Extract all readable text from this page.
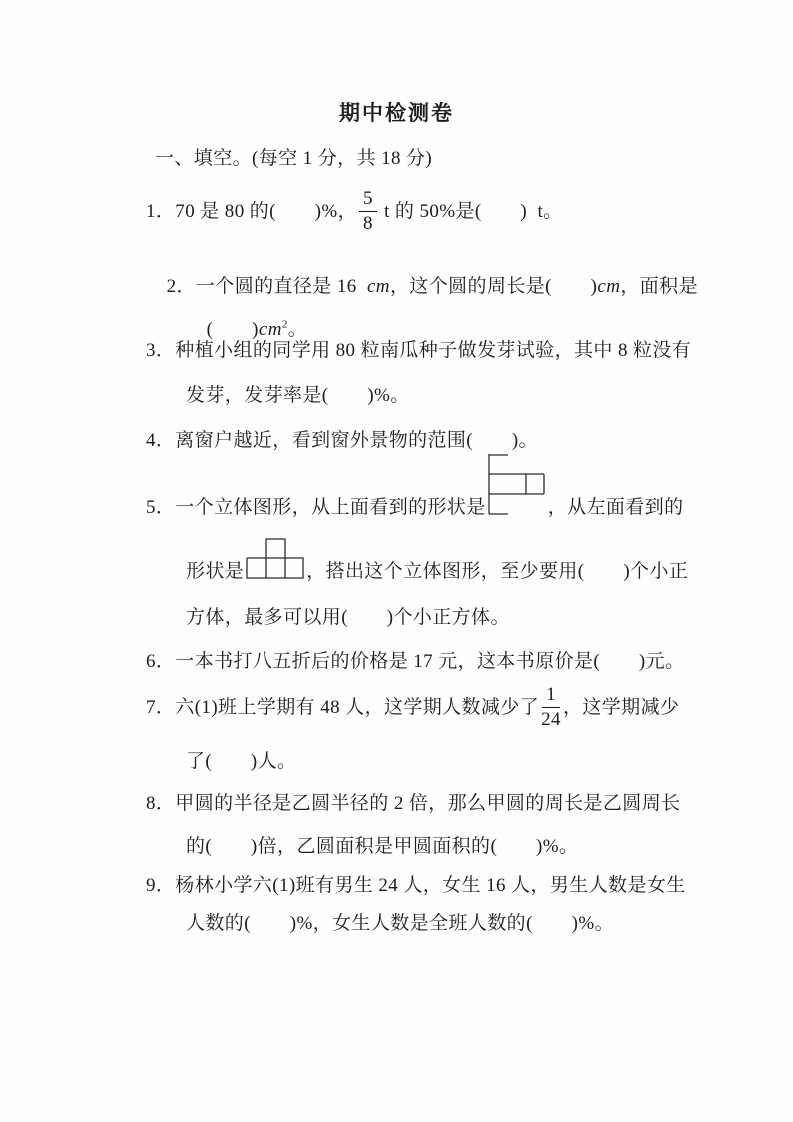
期中检测卷
一、填空。(每空 1 分，共 18 分)
1．70 是 80 的(　　)%， $\frac{5}{8}$ t 的 50%是(　　)  t。

2．一个圆的直径是 16  cm，这个圆的周长是(　　)cm，面积是

(　　)$cm^2$。

3．种植小组的同学用 80 粒南瓜种子做发芽试验，其中 8 粒没有
发芽，发芽率是(　　)%。
4．离窗户越近，看到窗外景物的范围(　　)。
5．一个立体图形，从上面看到的形状是	，从左面看到的
形状是	，搭出这个立体图形，至少要用(　　)个小正
方体，最多可以用(　　)个小正方体。
6．一本书打八五折后的价格是 17 元，这本书原价是(　　)元。
7．六(1)班上学期有 48 人，这学期人数减少了 $\frac{1}{24}$ ，这学期减少
了(　　)人。
8．甲圆的半径是乙圆半径的 2 倍，那么甲圆的周长是乙圆周长
的(　　)倍，乙圆面积是甲圆面积的(　　)%。
9．杨林小学六(1)班有男生 24 人，女生 16 人，男生人数是女生
人数的(　　)%，女生人数是全班人数的(　　)%。
